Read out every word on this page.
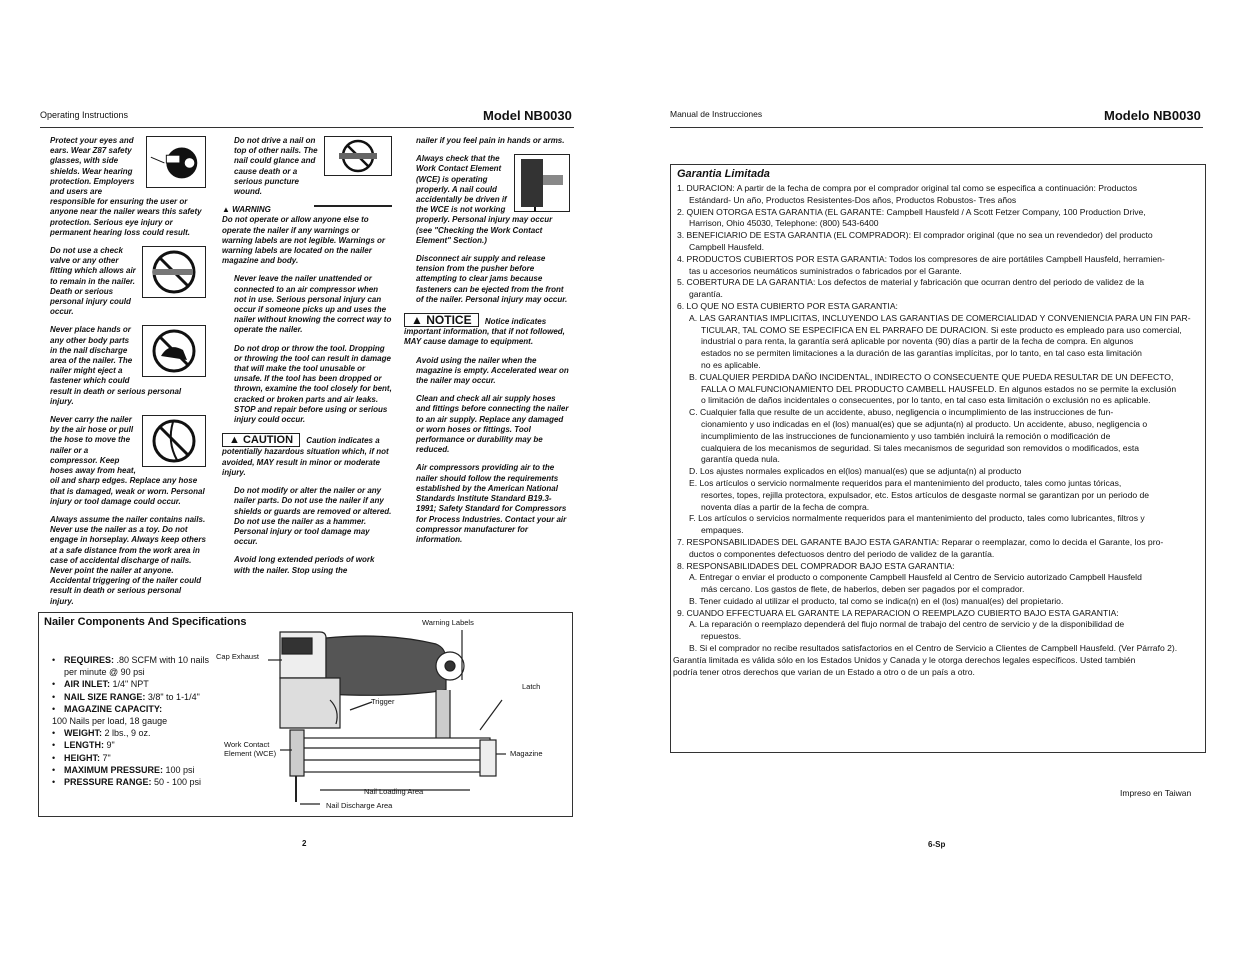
Operating Instructions	Model NB0030

Protect your eyes and ears. Wear Z87 safety glasses, with side shields. Wear hearing protection. Employers and users are responsible for ensuring the user or anyone near the nailer wears this safety protection. Serious eye injury or permanent hearing loss could result.

Do not use a check valve or any other fitting which allows air to remain in the nailer. Death or serious personal injury could occur.

Never place hands or any other body parts in the nail discharge area of the nailer. The nailer might eject a fastener which could result in death or serious personal injury.

Never carry the nailer by the air hose or pull the hose to move the nailer or a compressor. Keep hoses away from heat, oil and sharp edges. Replace any hose that is damaged, weak or worn. Personal injury or tool damage could occur.

Always assume the nailer contains nails. Never use the nailer as a toy. Do not engage in horseplay. Always keep others at a safe distance from the work area in case of accidental discharge of nails. Never point the nailer at anyone. Accidental triggering of the nailer could result in death or serious personal injury.

Do not drive a nail on top of other nails. The nail could glance and cause death or a serious puncture wound.

▲ WARNING
Do not operate or allow anyone else to operate the nailer if any warnings or warning labels are not legible. Warnings or warning labels are located on the nailer magazine and body.

Never leave the nailer unattended or connected to an air compressor when not in use. Serious personal injury can occur if someone picks up and uses the nailer without knowing the correct way to operate the nailer.

Do not drop or throw the tool. Dropping or throwing the tool can result in damage that will make the tool unusable or unsafe. If the tool has been dropped or thrown, examine the tool closely for bent, cracked or broken parts and air leaks. STOP and repair before using or serious injury could occur.

▲ CAUTION Caution indicates a potentially hazardous situation which, if not avoided, MAY result in minor or moderate injury.

Do not modify or alter the nailer or any nailer parts. Do not use the nailer if any shields or guards are removed or altered. Do not use the nailer as a hammer. Personal injury or tool damage may occur.

Avoid long extended periods of work with the nailer. Stop using the

nailer if you feel pain in hands or arms.

Always check that the Work Contact Element (WCE) is operating properly. A nail could accidentally be driven if the WCE is not working properly. Personal injury may occur (see "Checking the Work Contact Element" Section.)

Disconnect air supply and release tension from the pusher before attempting to clear jams because fasteners can be ejected from the front of the nailer. Personal injury may occur.

▲ NOTICE Notice indicates important information, that if not followed, MAY cause damage to equipment.

Avoid using the nailer when the magazine is empty. Accelerated wear on the nailer may occur.

Clean and check all air supply hoses and fittings before connecting the nailer to an air supply. Replace any damaged or worn hoses or fittings. Tool performance or durability may be reduced.

Air compressors providing air to the nailer should follow the requirements established by the American National Standards Institute Standard B19.3-1991; Safety Standard for Compressors for Process Industries. Contact your air compressor manufacturer for information.

Nailer Components And Specifications
• REQUIRES: .80 SCFM with 10 nails per minute @ 90 psi
• AIR INLET: 1/4" NPT
• NAIL SIZE RANGE: 3/8" to 1-1/4"
• MAGAZINE CAPACITY:
100 Nails per load, 18 gauge
• WEIGHT: 2 lbs., 9 oz.
• LENGTH: 9"
• HEIGHT: 7"
• MAXIMUM PRESSURE: 100 psi
• PRESSURE RANGE: 50 - 100 psi
Warning Labels
Cap Exhaust
Latch
Trigger
Work Contact
Element (WCE)	Magazine
Nail Loading Area
Nail Discharge Area
2
Manual de Instrucciones	Modelo NB0030
Garantia Limitada
1. DURACION: A partir de la fecha de compra por el comprador original tal como se especifica a continuación: Productos
Estándard- Un año, Productos Resistentes-Dos años, Productos Robustos- Tres años
2. QUIEN OTORGA ESTA GARANTIA (EL GARANTE: Campbell Hausfeld / A Scott Fetzer Company, 100 Production Drive,
Harrison, Ohio 45030, Telephone: (800) 543-6400
3. BENEFICIARIO DE ESTA GARANTIA (EL COMPRADOR): El comprador original (que no sea un revendedor) del producto
Campbell Hausfeld.
4. PRODUCTOS CUBIERTOS POR ESTA GARANTIA: Todos los compresores de aire portátiles Campbell Hausfeld, herramien-
tas u accesorios neumáticos suministrados o fabricados por el Garante.
5. COBERTURA DE LA GARANTIA: Los defectos de material y fabricación que ocurran dentro del periodo de validez de la
garantía.
6. LO QUE NO ESTA CUBIERTO POR ESTA GARANTIA:
A. LAS GARANTIAS IMPLICITAS, INCLUYENDO LAS GARANTIAS DE COMERCIALIDAD Y CONVENIENCIA PARA UN FIN PAR-
TICULAR, TAL COMO SE ESPECIFICA EN EL PARRAFO DE DURACION. Si este producto es empleado para uso comercial,
industrial o para renta, la garantía será aplicable por noventa (90) días a partir de la fecha de compra. En algunos
estados no se permiten limitaciones a la duración de las garantías implícitas, por lo tanto, en tal caso esta limitación
no es aplicable.
B. CUALQUIER PERDIDA DAÑO INCIDENTAL, INDIRECTO O CONSECUENTE QUE PUEDA RESULTAR DE UN DEFECTO,
FALLA O MALFUNCIONAMIENTO DEL PRODUCTO CAMBELL HAUSFELD. En algunos estados no se permite la exclusión
o limitación de daños incidentales o consecuentes, por lo tanto, en tal caso esta limitación o exclusión no es aplicable.
C. Cualquier falla que resulte de un accidente, abuso, negligencia o incumplimiento de las instrucciones de fun-
cionamiento y uso indicadas en el (los) manual(es) que se adjunta(n) al producto. Un accidente, abuso, negligencia o
incumplimiento de las instrucciones de funcionamiento y uso también incluirá la remoción o modificación de
cualquiera de los mecanismos de seguridad. Si tales mecanismos de seguridad son removidos o modificados, esta
garantía queda nula.
D. Los ajustes normales explicados en el(los) manual(es) que se adjunta(n) al producto
E. Los artículos o servicio normalmente requeridos para el mantenimiento del producto, tales como juntas tóricas,
resortes, topes, rejilla protectora, expulsador, etc. Estos artículos de desgaste normal se garantizan por un periodo de
noventa días a partir de la fecha de compra.
F. Los artículos o servicios normalmente requeridos para el mantenimiento del producto, tales como lubricantes, filtros y
empaques.
7. RESPONSABILIDADES DEL GARANTE BAJO ESTA GARANTIA: Reparar o reemplazar, como lo decida el Garante, los pro-
ductos o componentes defectuosos dentro del periodo de validez de la garantía.
8. RESPONSABILIDADES DEL COMPRADOR BAJO ESTA GARANTIA:
A. Entregar o enviar el producto o componente Campbell Hausfeld al Centro de Servicio autorizado Campbell Hausfeld
más cercano. Los gastos de flete, de haberlos, deben ser pagados por el comprador.
B. Tener cuidado al utilizar el producto, tal como se indica(n) en el (los) manual(es) del propietario.
9. CUANDO EFFECTUARA EL GARANTE LA REPARACION O REEMPLAZO CUBIERTO BAJO ESTA GARANTIA:
A. La reparación o reemplazo dependerá del flujo normal de trabajo del centro de servicio y de la disponibilidad de
repuestos.
B. Si el comprador no recibe resultados satisfactorios en el Centro de Servicio a Clientes de Campbell Hausfeld. (Ver Párrafo 2).
Garantía limitada es válida sólo en los Estados Unidos y Canada y le otorga derechos legales específicos. Usted también
podría tener otros derechos que varian de un Estado a otro o de un país a otro.
Impreso en Taiwan
6-Sp
